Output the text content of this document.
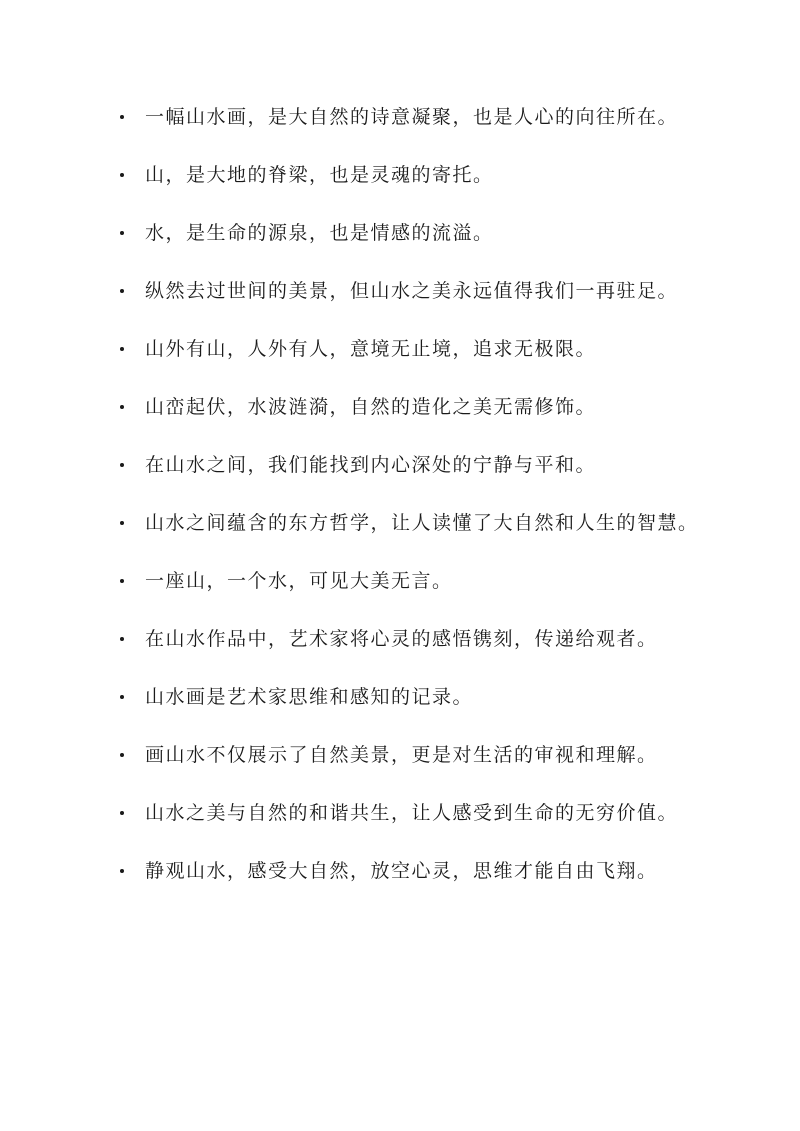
一幅山水画，是大自然的诗意凝聚，也是人心的向往所在。
山，是大地的脊梁，也是灵魂的寄托。
水，是生命的源泉，也是情感的流溢。
纵然去过世间的美景，但山水之美永远值得我们一再驻足。
山外有山，人外有人，意境无止境，追求无极限。
山峦起伏，水波涟漪，自然的造化之美无需修饰。
在山水之间，我们能找到内心深处的宁静与平和。
山水之间蕴含的东方哲学，让人读懂了大自然和人生的智慧。
一座山，一个水，可见大美无言。
在山水作品中，艺术家将心灵的感悟镌刻，传递给观者。
山水画是艺术家思维和感知的记录。
画山水不仅展示了自然美景，更是对生活的审视和理解。
山水之美与自然的和谐共生，让人感受到生命的无穷价值。
静观山水，感受大自然，放空心灵，思维才能自由飞翔。
